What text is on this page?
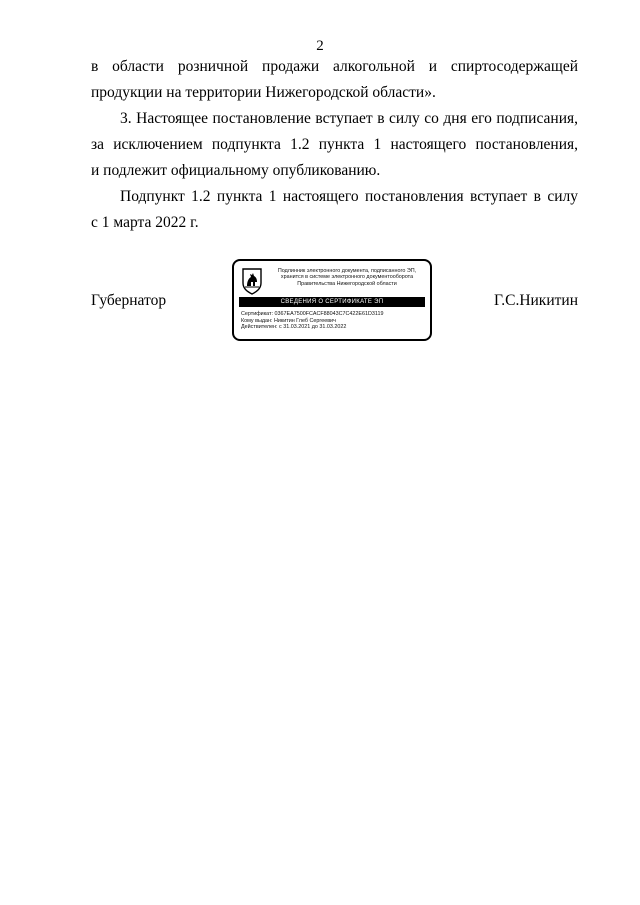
2
в области розничной продажи алкогольной и спиртосодержащей
продукции на территории Нижегородской области».
3. Настоящее постановление вступает в силу со дня его подписания,
за исключением подпункта 1.2 пункта 1 настоящего постановления,
и подлежит официальному опубликованию.
Подпункт 1.2 пункта 1 настоящего постановления вступает в силу
с 1 марта 2022 г.
Губернатор	Г.С.Никитин
Подлинник электронного документа, подписанного ЭП,
хранится в системе электронного документооборота
Правительства Нижегородской области
СВЕДЕНИЯ О СЕРТИФИКАТЕ ЭП
Сертификат: 0367EA7500FCACF88043C7C422E61D3119
Кому выдан: Никитин Глеб Сергеевич
Действителен: с 31.03.2021 до 31.03.2022
